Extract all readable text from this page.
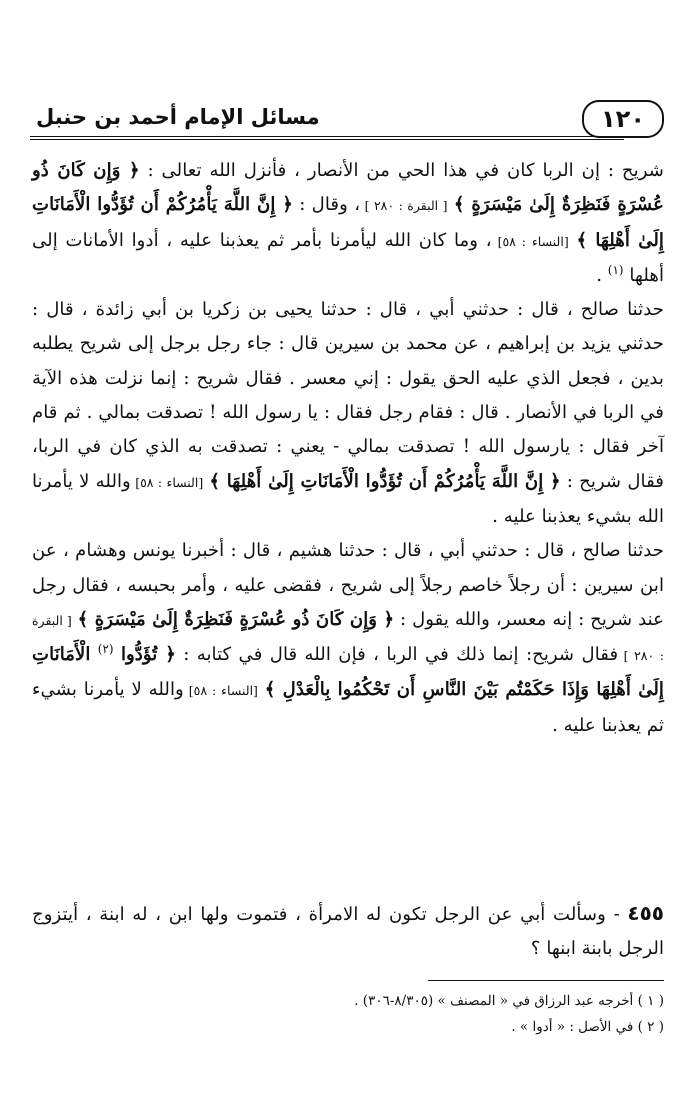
١٢٠
مسائل الإمام أحمد بن حنبل

شريح : إن الربا كان في هذا الحي من الأنصار ، فأنزل الله تعالى : ﴿ وَإِن كَانَ ذُو عُسْرَةٍ فَنَظِرَةٌ إِلَىٰ مَيْسَرَةٍ ﴾ [ البقرة : ٢٨٠ ] ، وقال : ﴿ إِنَّ اللَّهَ يَأْمُرُكُمْ أَن تُؤَدُّوا الْأَمَانَاتِ إِلَىٰ أَهْلِهَا ﴾ [النساء : ٥٨] ، وما كان الله ليأمرنا بأمر ثم يعذبنا عليه ، أدوا الأمانات إلى أهلها $^{(١)}$ .

حدثنا صالح ، قال : حدثني أبي ، قال : حدثنا يحيى بن زكريا بن أبي زائدة ، قال : حدثني يزيد بن إبراهيم ، عن محمد بن سيرين قال : جاء رجل برجل إلى شريح يطلبه بدين ، فجعل الذي عليه الحق يقول : إني معسر . فقال شريح : إنما نزلت هذه الآية في الربا في الأنصار . قال : فقام رجل فقال : يا رسول الله ! تصدقت بمالي . ثم قام آخر فقال : يارسول الله ! تصدقت بمالي - يعني : تصدقت به الذي كان في الربا، فقال شريح : ﴿ إِنَّ اللَّهَ يَأْمُرُكُمْ أَن تُؤَدُّوا الْأَمَانَاتِ إِلَىٰ أَهْلِهَا ﴾ [النساء : ٥٨] والله لا يأمرنا الله بشيء يعذبنا عليه .

حدثنا صالح ، قال : حدثني أبي ، قال : حدثنا هشيم ، قال : أخبرنا يونس وهشام ، عن ابن سيرين : أن رجلاً خاصم رجلاً إلى شريح ، فقضى عليه ، وأمر بحبسه ، فقال رجل عند شريح : إنه معسر، والله يقول : ﴿ وَإِن كَانَ ذُو عُسْرَةٍ فَنَظِرَةٌ إِلَىٰ مَيْسَرَةٍ ﴾ [ البقرة : ٢٨٠ ] فقال شريح: إنما ذلك في الربا ، فإن الله قال في كتابه : ﴿ تُؤَدُّوا $^{(٢)}$ الْأَمَانَاتِ إِلَىٰ أَهْلِهَا وَإِذَا حَكَمْتُم بَيْنَ النَّاسِ أَن تَحْكُمُوا بِالْعَدْلِ ﴾ [النساء : ٥٨] والله لا يأمرنا بشيء ثم يعذبنا عليه .

٤٥٥ - وسألت أبي عن الرجل تكون له الامرأة ، فتموت ولها ابن ، له ابنة ، أيتزوج الرجل بابنة ابنها ؟
( ١ ) أخرجه عبد الرزاق في « المصنف » (٨/٣٠٥-٣٠٦) .
( ٢ ) في الأصل : « أدوا » .
